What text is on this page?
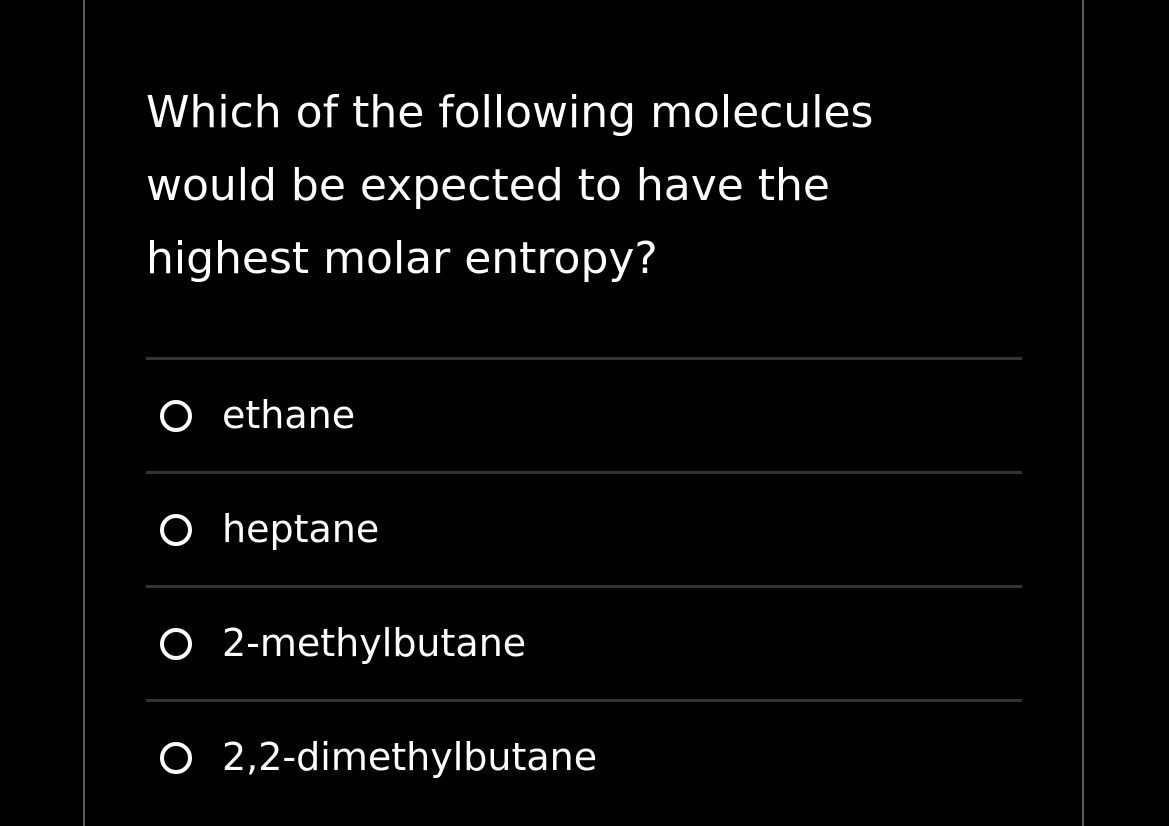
Which of the following molecules would be expected to have the highest molar entropy?

ethane
heptane
2-methylbutane
2,2-dimethylbutane
